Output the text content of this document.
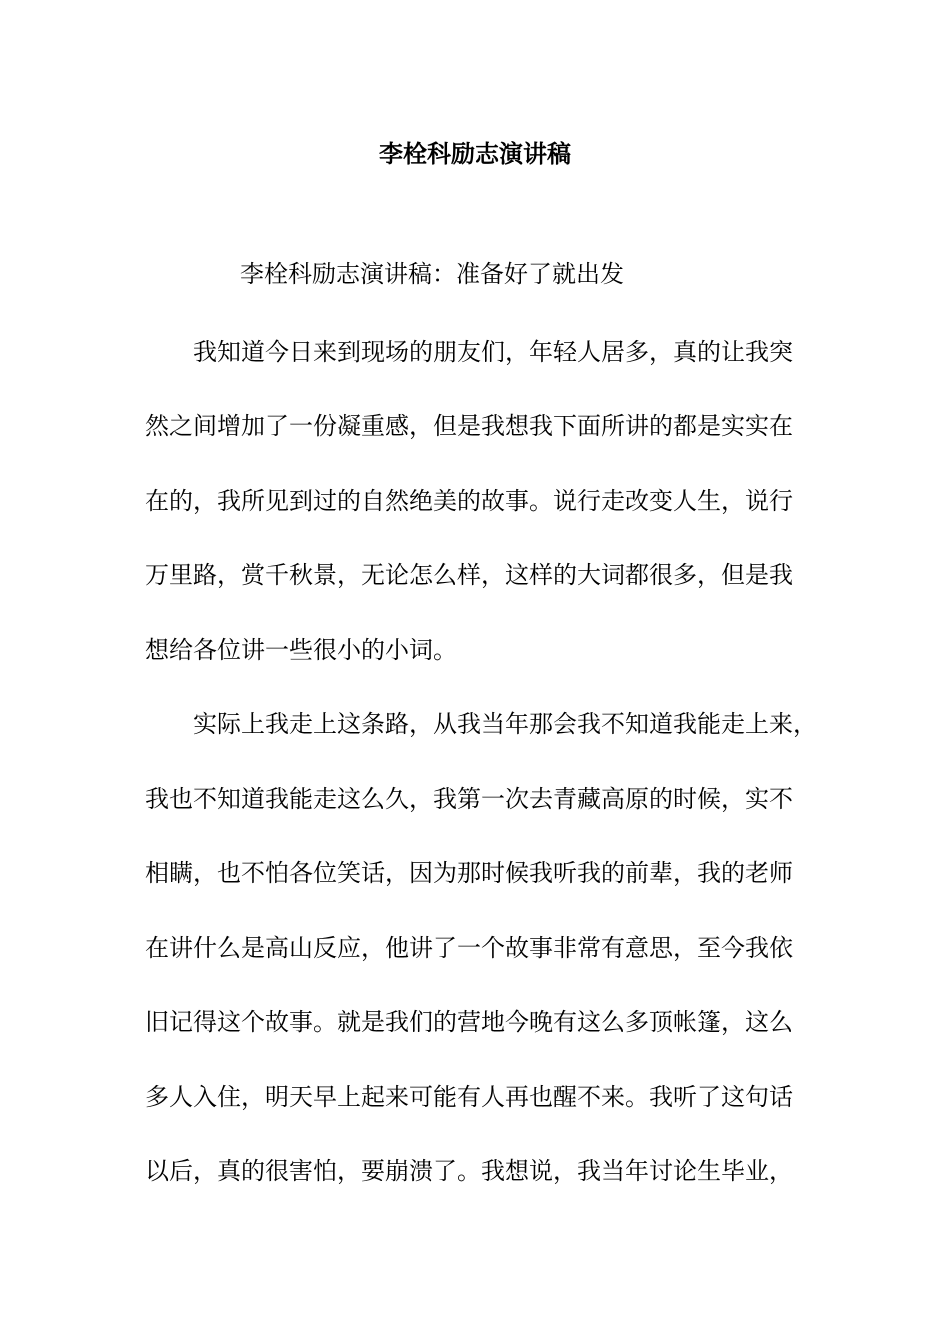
李栓科励志演讲稿

李栓科励志演讲稿：准备好了就出发

我知道今日来到现场的朋友们，年轻人居多，真的让我突

然之间增加了一份凝重感，但是我想我下面所讲的都是实实在

在的，我所见到过的自然绝美的故事。说行走改变人生，说行

万里路，赏千秋景，无论怎么样，这样的大词都很多，但是我

想给各位讲一些很小的小词。

实际上我走上这条路，从我当年那会我不知道我能走上来，

我也不知道我能走这么久，我第一次去青藏高原的时候，实不

相瞒，也不怕各位笑话，因为那时候我听我的前辈，我的老师

在讲什么是高山反应，他讲了一个故事非常有意思，至今我依

旧记得这个故事。就是我们的营地今晚有这么多顶帐篷，这么

多人入住，明天早上起来可能有人再也醒不来。我听了这句话

以后，真的很害怕，要崩溃了。我想说，我当年讨论生毕业，
